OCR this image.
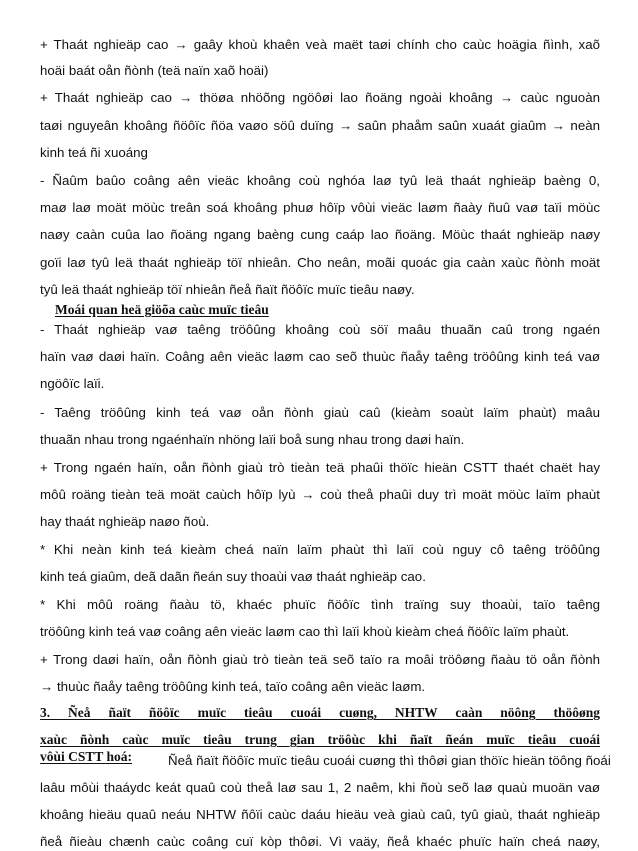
+ Thaát nghieäp cao → gaây khoù khaên veà maët taøi chính cho caùc hoägia ñình, xaõ
hoäi baát oån ñònh (teä naïn xaõ hoäi)
+ Thaát nghieäp cao → thöøa nhöõng ngöôøi lao ñoäng ngoài khoâng → caùc nguoàn
taøi nguyeân khoâng ñöôïc ñöa vaøo söû duïng → saûn phaåm saûn xuaát giaûm → neàn
kinh teá ñi xuoáng
- Ñaûm baûo coâng aên vieäc khoâng coù nghóa laø tyû leä thaát nghieäp baèng 0,
maø laø moät möùc treân soá khoâng phuø hôïp vôùi vieäc laøm ñaày ñuû vaø taïi möùc
naøy caàn cuûa lao ñoäng ngang baèng cung caáp lao ñoäng. Möùc thaát nghieäp naøy
goïi laø tyû leä thaát nghieäp töï nhieân. Cho neân, moãi quoác gia caàn xaùc ñònh moät
tyû leä thaát nghieäp töï nhieân ñeå ñaït ñöôïc muïc tieâu naøy.
Moái quan heä giöõa caùc muïc tieâu
- Thaát nghieäp vaø taêng tröôûng khoâng coù söï maâu thuaãn caû trong ngaén
haïn vaø daøi haïn. Coâng aên vieäc laøm cao seõ thuùc ñaåy taêng tröôûng kinh teá vaø
ngöôïc laïi.
- Taêng tröôûng kinh teá vaø oån ñònh giaù caû (kieàm soaùt laïm phaùt) maâu
thuaãn nhau trong ngaénhaïn nhöng laïi boå sung nhau trong daøi haïn.
+ Trong ngaén haïn, oån ñònh giaù trò tieàn teä phaûi thöïc hieän CSTT thaét chaët hay
môû roäng tieàn teä moät caùch hôïp lyù → coù theå phaûi duy trì moät möùc laïm phaùt
hay thaát nghieäp naøo ñoù.
* Khi neàn kinh teá kieàm cheá naïn laïm phaùt thì laïi coù nguy cô taêng tröôûng
kinh teá giaûm, deã daãn ñeán suy thoaùi vaø thaát nghieäp cao.
* Khi môû roäng ñaàu tö, khaéc phuïc ñöôïc tình traïng suy thoaùi, taïo taêng
tröôûng kinh teá vaø coâng aên vieäc laøm cao thì laïi khoù kieàm cheá ñöôïc laïm phaùt.
+ Trong daøi haïn, oån ñònh giaù trò tieàn teä seõ taïo ra moâi tröôøng ñaàu tö oån ñònh
→ thuùc ñaåy taêng tröôûng kinh teá, taïo coâng aên vieäc laøm.
3. Ñeå ñaït ñöôïc muïc tieâu cuoái cuøng, NHTW caàn nöông thöôøng
xaùc ñònh caùc muïc tieâu trung gian tröôùc khi ñaït ñeán muïc tieâu cuoái
vôùi CSTT hoá:	Ñeå ñaït ñöôïc muïc tieâu cuoái cuøng thì thôøi gian thöïc hieän töông ñoái
laâu môùi thaáydc keát quaû coù theå laø sau 1, 2 naêm, khi ñoù seõ laø quaù muoän vaø
khoâng hieäu quaû neáu NHTW ñôïi caùc daáu hieäu veà giaù caû, tyû giaù, thaát nghieäp
ñeå ñieàu chænh caùc coâng cuï kòp thôøi. Vì vaäy, ñeå khaéc phuïc haïn cheá naøy,
